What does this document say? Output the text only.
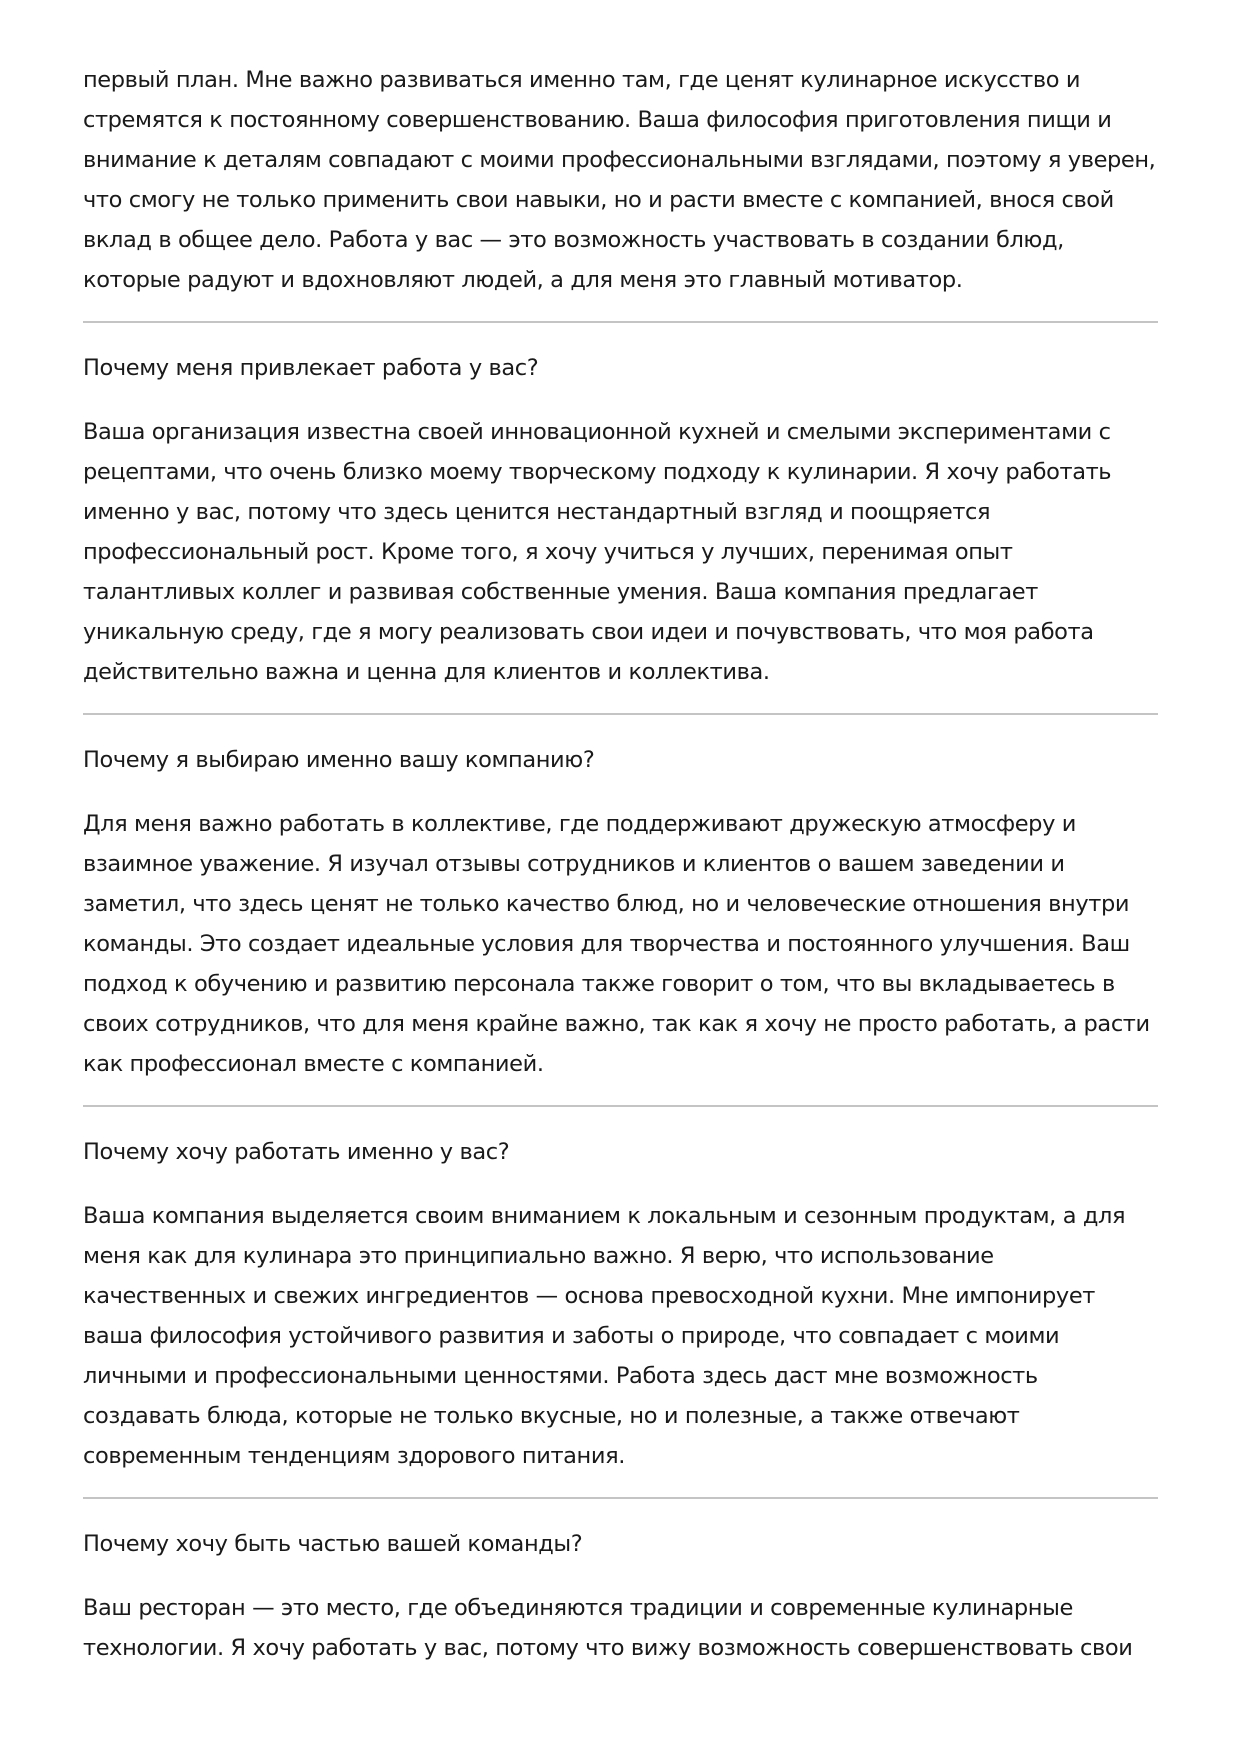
первый план. Мне важно развиваться именно там, где ценят кулинарное искусство и стремятся к постоянному совершенствованию. Ваша философия приготовления пищи и внимание к деталям совпадают с моими профессиональными взглядами, поэтому я уверен, что смогу не только применить свои навыки, но и расти вместе с компанией, внося свой вклад в общее дело. Работа у вас — это возможность участвовать в создании блюд, которые радуют и вдохновляют людей, а для меня это главный мотиватор.

Почему меня привлекает работа у вас?

Ваша организация известна своей инновационной кухней и смелыми экспериментами с рецептами, что очень близко моему творческому подходу к кулинарии. Я хочу работать именно у вас, потому что здесь ценится нестандартный взгляд и поощряется профессиональный рост. Кроме того, я хочу учиться у лучших, перенимая опыт талантливых коллег и развивая собственные умения. Ваша компания предлагает уникальную среду, где я могу реализовать свои идеи и почувствовать, что моя работа действительно важна и ценна для клиентов и коллектива.

Почему я выбираю именно вашу компанию?

Для меня важно работать в коллективе, где поддерживают дружескую атмосферу и взаимное уважение. Я изучал отзывы сотрудников и клиентов о вашем заведении и заметил, что здесь ценят не только качество блюд, но и человеческие отношения внутри команды. Это создает идеальные условия для творчества и постоянного улучшения. Ваш подход к обучению и развитию персонала также говорит о том, что вы вкладываетесь в своих сотрудников, что для меня крайне важно, так как я хочу не просто работать, а расти как профессионал вместе с компанией.

Почему хочу работать именно у вас?

Ваша компания выделяется своим вниманием к локальным и сезонным продуктам, а для меня как для кулинара это принципиально важно. Я верю, что использование качественных и свежих ингредиентов — основа превосходной кухни. Мне импонирует ваша философия устойчивого развития и заботы о природе, что совпадает с моими личными и профессиональными ценностями. Работа здесь даст мне возможность создавать блюда, которые не только вкусные, но и полезные, а также отвечают современным тенденциям здорового питания.

Почему хочу быть частью вашей команды?

Ваш ресторан — это место, где объединяются традиции и современные кулинарные технологии. Я хочу работать у вас, потому что вижу возможность совершенствовать свои
